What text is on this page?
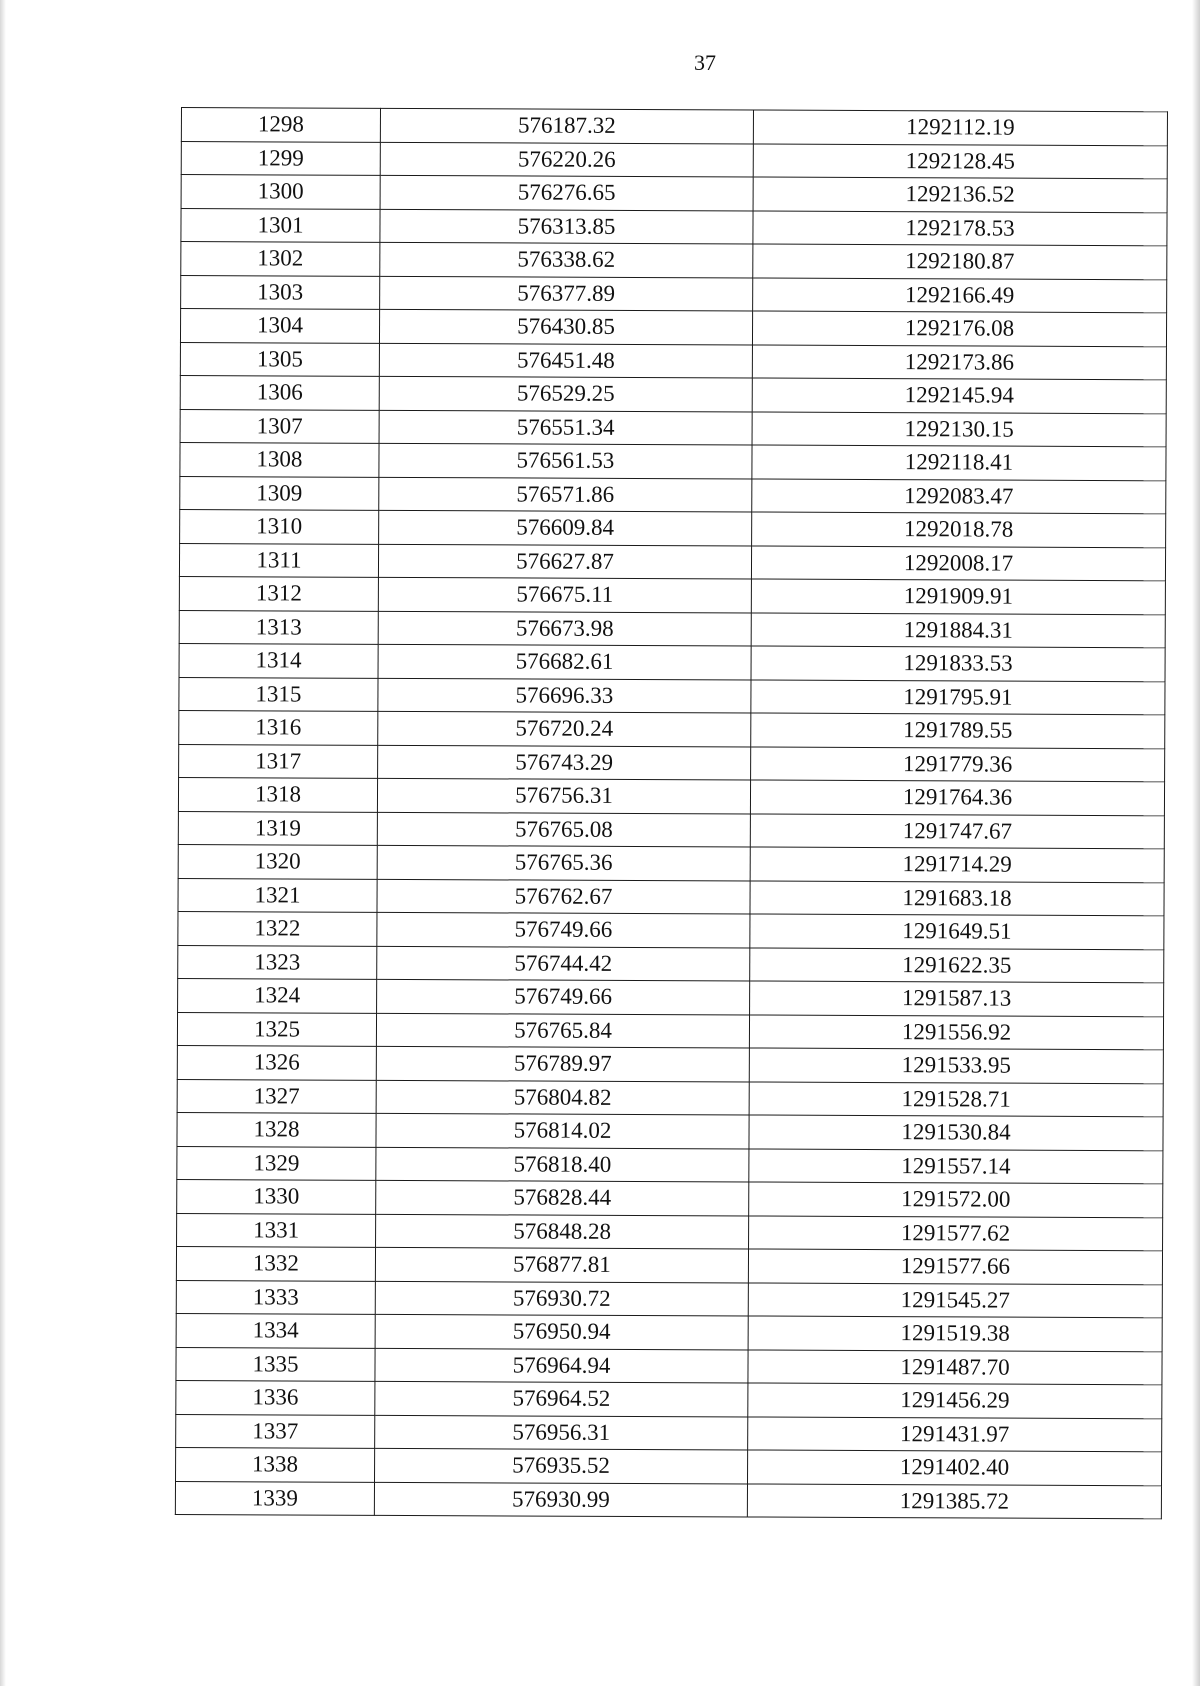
37
1298	576187.32	1292112.19
1299	576220.26	1292128.45
1300	576276.65	1292136.52
1301	576313.85	1292178.53
1302	576338.62	1292180.87
1303	576377.89	1292166.49
1304	576430.85	1292176.08
1305	576451.48	1292173.86
1306	576529.25	1292145.94
1307	576551.34	1292130.15
1308	576561.53	1292118.41
1309	576571.86	1292083.47
1310	576609.84	1292018.78
1311	576627.87	1292008.17
1312	576675.11	1291909.91
1313	576673.98	1291884.31
1314	576682.61	1291833.53
1315	576696.33	1291795.91
1316	576720.24	1291789.55
1317	576743.29	1291779.36
1318	576756.31	1291764.36
1319	576765.08	1291747.67
1320	576765.36	1291714.29
1321	576762.67	1291683.18
1322	576749.66	1291649.51
1323	576744.42	1291622.35
1324	576749.66	1291587.13
1325	576765.84	1291556.92
1326	576789.97	1291533.95
1327	576804.82	1291528.71
1328	576814.02	1291530.84
1329	576818.40	1291557.14
1330	576828.44	1291572.00
1331	576848.28	1291577.62
1332	576877.81	1291577.66
1333	576930.72	1291545.27
1334	576950.94	1291519.38
1335	576964.94	1291487.70
1336	576964.52	1291456.29
1337	576956.31	1291431.97
1338	576935.52	1291402.40
1339	576930.99	1291385.72
